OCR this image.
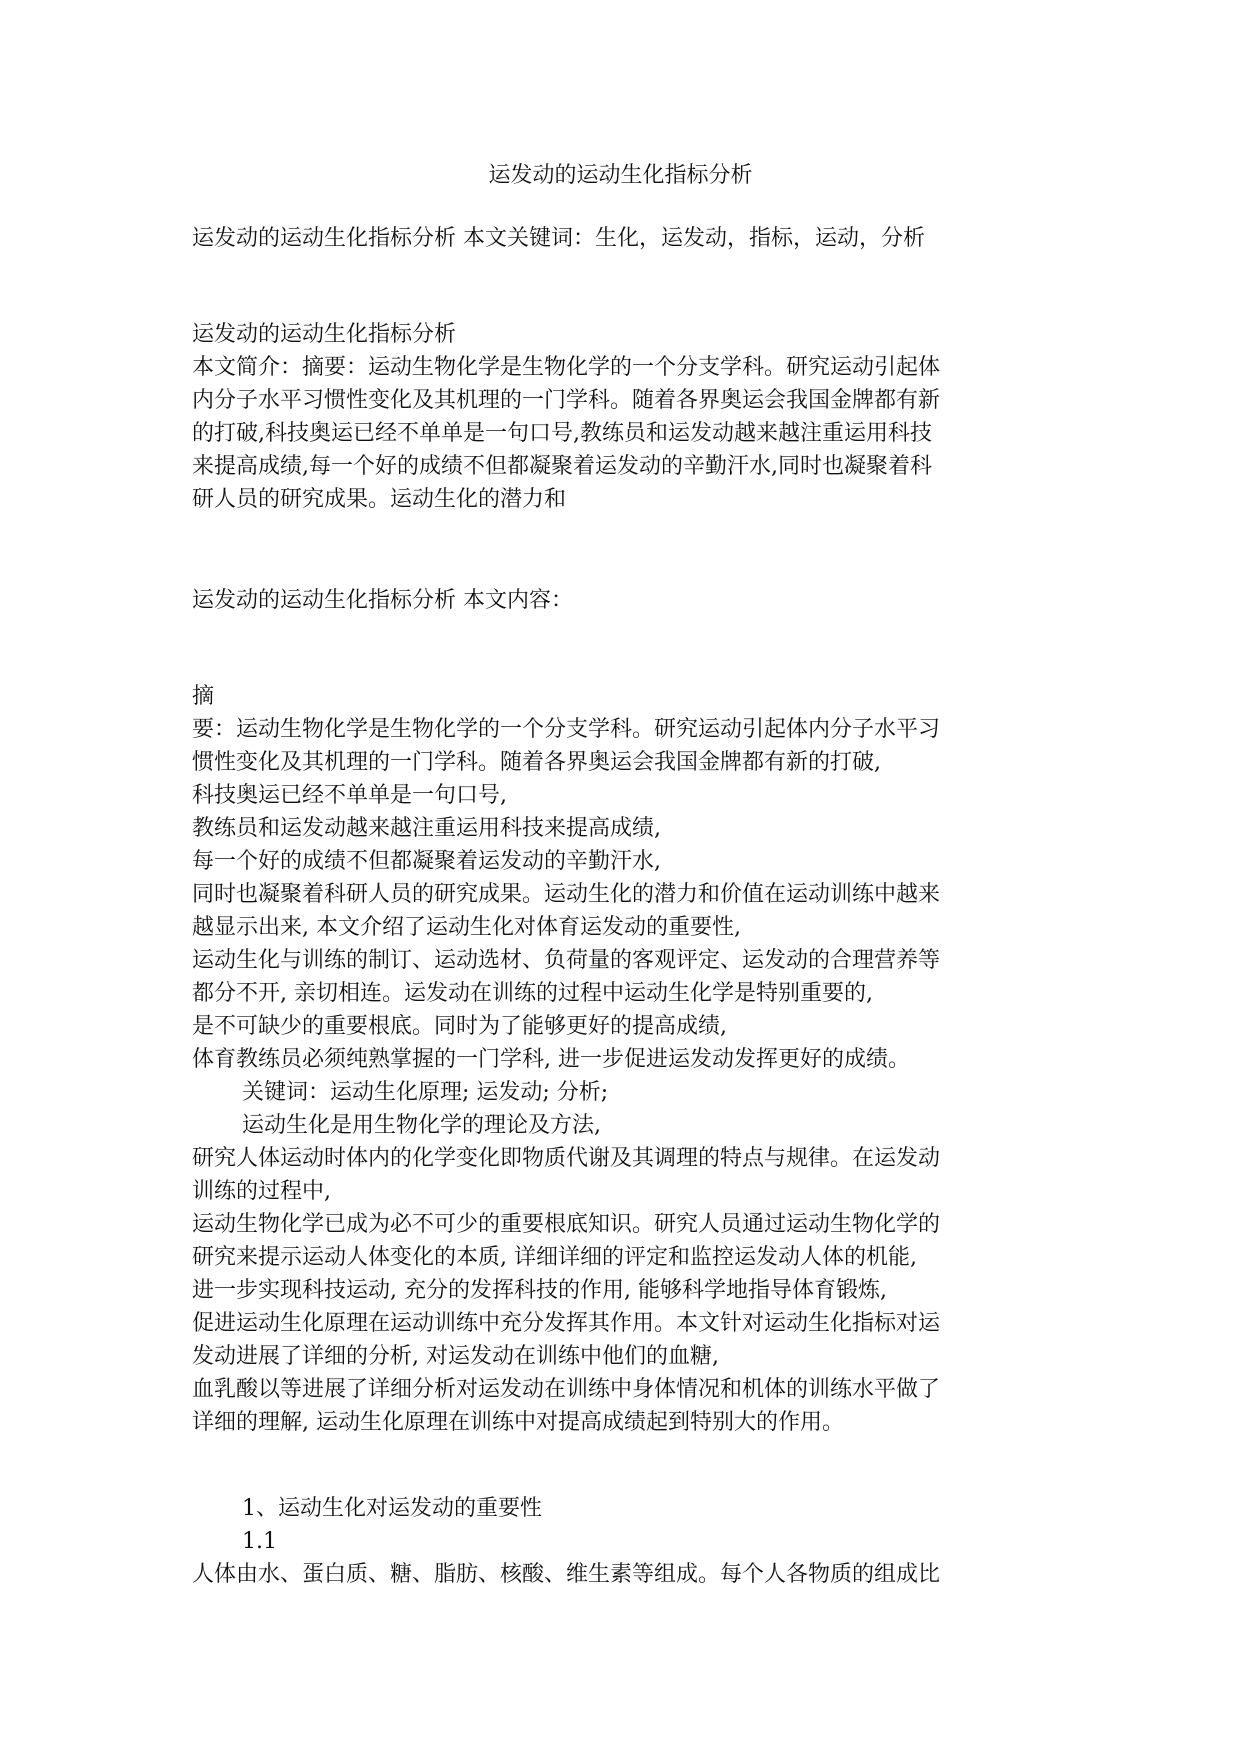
运发动的运动生化指标分析
运发动的运动生化指标分析 本文关键词：生化，运发动，指标，运动，分析
运发动的运动生化指标分析
本文简介：摘要：运动生物化学是生物化学的一个分支学科。研究运动引起体
内分子水平习惯性变化及其机理的一门学科。随着各界奥运会我国金牌都有新
的打破,科技奥运已经不单单是一句口号,教练员和运发动越来越注重运用科技
来提高成绩,每一个好的成绩不但都凝聚着运发动的辛勤汗水,同时也凝聚着科
研人员的研究成果。运动生化的潜力和
运发动的运动生化指标分析 本文内容：
摘
要：运动生物化学是生物化学的一个分支学科。研究运动引起体内分子水平习
惯性变化及其机理的一门学科。随着各界奥运会我国金牌都有新的打破,
科技奥运已经不单单是一句口号,
教练员和运发动越来越注重运用科技来提高成绩,
每一个好的成绩不但都凝聚着运发动的辛勤汗水,
同时也凝聚着科研人员的研究成果。运动生化的潜力和价值在运动训练中越来
越显示出来, 本文介绍了运动生化对体育运发动的重要性,
运动生化与训练的制订、运动选材、负荷量的客观评定、运发动的合理营养等
都分不开, 亲切相连。运发动在训练的过程中运动生化学是特别重要的,
是不可缺少的重要根底。同时为了能够更好的提高成绩,
体育教练员必须纯熟掌握的一门学科, 进一步促进运发动发挥更好的成绩。
关键词：运动生化原理; 运发动; 分析;
运动生化是用生物化学的理论及方法,
研究人体运动时体内的化学变化即物质代谢及其调理的特点与规律。在运发动
训练的过程中,
运动生物化学已成为必不可少的重要根底知识。研究人员通过运动生物化学的
研究来提示运动人体变化的本质, 详细详细的评定和监控运发动人体的机能,
进一步实现科技运动, 充分的发挥科技的作用, 能够科学地指导体育锻炼,
促进运动生化原理在运动训练中充分发挥其作用。本文针对运动生化指标对运
发动进展了详细的分析, 对运发动在训练中他们的血糖,
血乳酸以等进展了详细分析对运发动在训练中身体情况和机体的训练水平做了
详细的理解, 运动生化原理在训练中对提高成绩起到特别大的作用。
1、运动生化对运发动的重要性
1.1
人体由水、蛋白质、糖、脂肪、核酸、维生素等组成。每个人各物质的组成比
